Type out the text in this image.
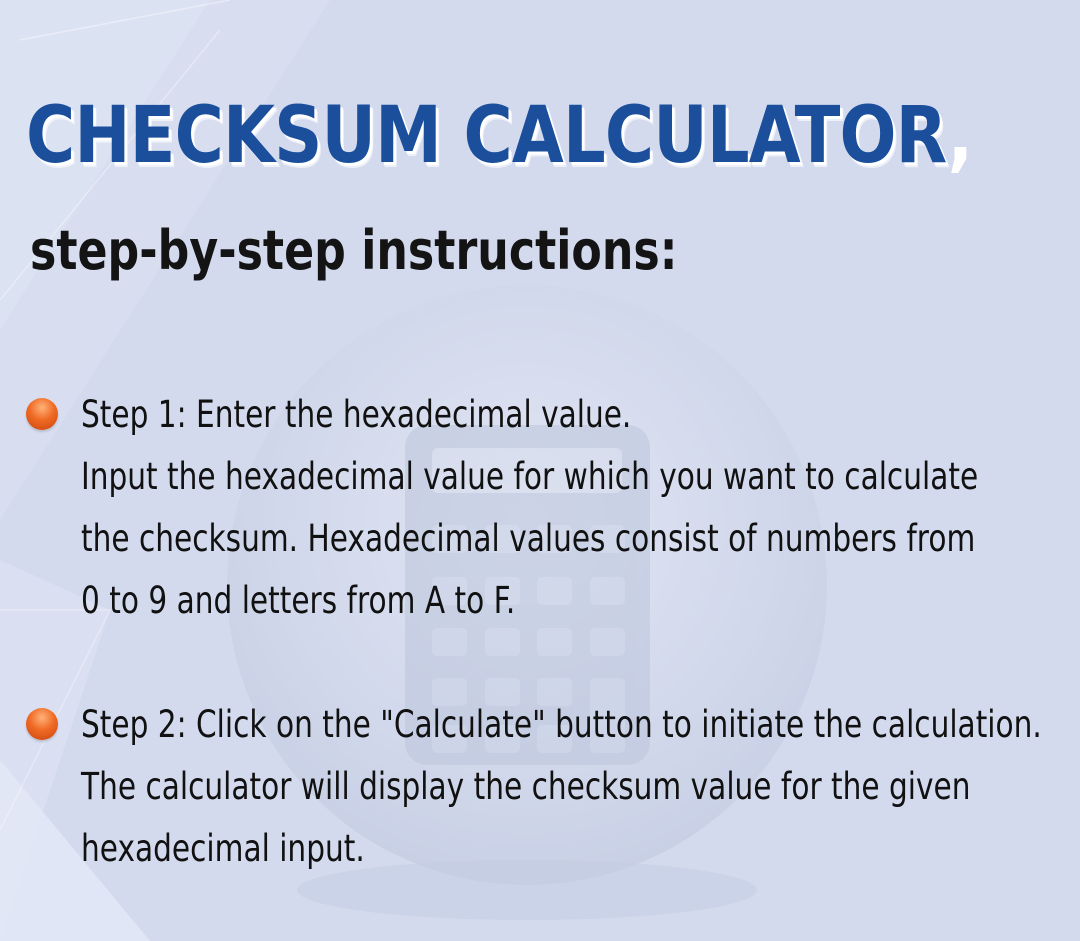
CHECKSUM CALCULATOR,
step-by-step instructions:
Step 1: Enter the hexadecimal value.
Input the hexadecimal value for which you want to calculate
the checksum. Hexadecimal values consist of numbers from
0 to 9 and letters from A to F.
Step 2: Click on the "Calculate" button to initiate the calculation.
The calculator will display the checksum value for the given
hexadecimal input.
